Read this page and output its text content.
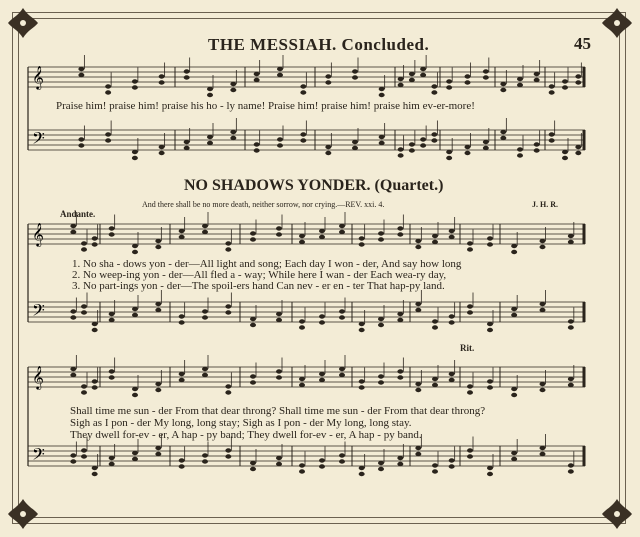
THE MESSIAH. Concluded.	45
NO SHADOWS YONDER. (Quartet.)
And there shall be no more death, neither sorrow, nor crying.—REV. xxi. 4.	J. H. R.
Andante.
Rit.
𝄞
𝄢
𝄞
𝄢
𝄞
𝄢
Praise him! praise him! praise his ho - ly name! Praise him! praise him! praise him ev-er-more!
1. No sha - dows yon - der—All light and song; Each day I won - der, And say how long
2. No weep-ing yon - der—All fled a - way; While here I wan - der Each wea-ry day,
3. No part-ings yon - der—The spoil-ers hand Can nev - er en - ter That hap-py land.
Shall time me sun - der From that dear throng? Shall time me sun - der From that dear throng?
Sigh as I pon - der My long, long stay; Sigh as I pon - der My long, long stay.
They dwell for-ev - er, A hap - py band; They dwell for-ev - er, A hap - py band.
